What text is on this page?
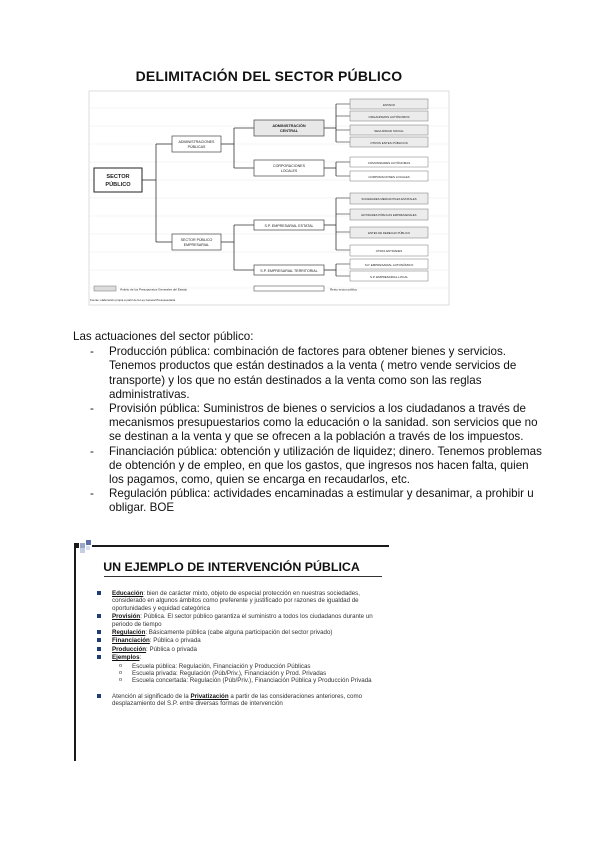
DELIMITACIÓN DEL SECTOR PÚBLICO
SECTOR
PÚBLICO
ADMINISTRACIONES
PÚBLICAS
SECTOR PÚBLICO
EMPRESARIAL
ADMINISTRACIÓN
CENTRAL
CORPORACIONES
LOCALES
S.P. EMPRESARIAL ESTATAL
S.P. EMPRESARIAL TERRITORIAL
ESTADO
ORGANISMOS AUTÓNOMOS
SEGURIDAD SOCIAL
OTROS ENTES PÚBLICOS
COMUNIDADES AUTÓNOMAS
CORPORACIONES LOCALES
SOCIEDADES MERCANTILES ESTATALES
ENTIDADES PÚBLICAS EMPRESARIALES
ENTES DE DERECHO PÚBLICO
OTRAS ENTIDADES
S.P. EMPRESARIAL AUTONÓMICO
S.P. EMPRESARIAL LOCAL
Ámbito de los Presupuestos Generales del Estado	Resto sector público
Fuente: elaboración propia a partir de la Ley General Presupuestaria

Las actuaciones del sector público:

- Producción pública: combinación de factores para obtener bienes y servicios. Tenemos productos que están destinados a la venta ( metro vende servicios de transporte) y los que no están destinados a la venta como son las reglas administrativas.
- Provisión pública: Suministros de bienes o servicios a los ciudadanos a través de mecanismos presupuestarios como la educación o la sanidad. son servicios que no se destinan a la venta y que se ofrecen a la población a través de los impuestos.
- Financiación pública: obtención y utilización de liquidez; dinero. Tenemos problemas de obtención y de empleo, en que los gastos, que ingresos nos hacen falta, quien los pagamos, como, quien se encarga en recaudarlos, etc.
- Regulación pública: actividades encaminadas a estimular y desanimar, a prohibir u obligar. BOE
UN EJEMPLO DE INTERVENCIÓN PÚBLICA
Educación: bien de carácter mixto, objeto de especial protección en nuestras sociedades, considerado en algunos ámbitos como preferente y justificado por razones de igualdad de oportunidades y equidad categórica
Provisión: Pública. El sector público garantiza el suministro a todos los ciudadanos durante un periodo de tiempo
Regulación: Básicamente pública (cabe alguna participación del sector privado)
Financiación: Pública o privada
Producción: Pública o privada
Ejemplos:
o Escuela pública: Regulación, Financiación y Producción Públicas
o Escuela privada: Regulación (Púb/Priv.), Financiación y Prod. Privadas
o Escuela concertada: Regulación (Púb/Priv.), Financiación Pública y Producción Privada
Atención al significado de la Privatización a partir de las consideraciones anteriores, como desplazamiento del S.P. entre diversas formas de intervención
